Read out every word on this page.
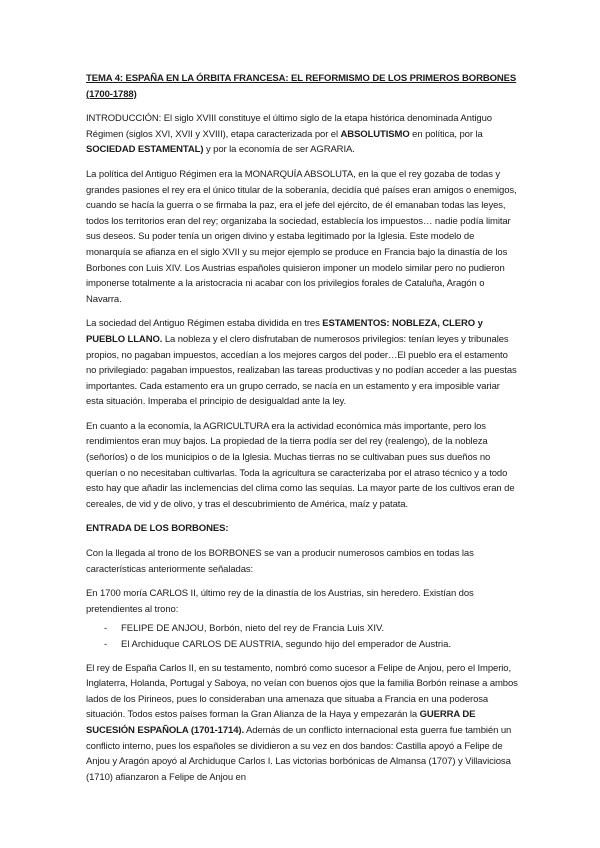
TEMA 4: ESPAÑA EN LA ÓRBITA FRANCESA: EL REFORMISMO DE LOS PRIMEROS BORBONES (1700-1788)

INTRODUCCIÓN: El siglo XVIII constituye el último siglo de la etapa histórica denominada Antiguo Régimen (siglos XVI, XVII y XVIII), etapa caracterizada por el ABSOLUTISMO en política, por la SOCIEDAD ESTAMENTAL) y por la economía de ser AGRARIA.

La política del Antiguo Régimen era la MONARQUÍA ABSOLUTA, en la que el rey gozaba de todas y grandes pasiones el rey era el único titular de la soberanía, decidía qué países eran amigos o enemigos, cuando se hacía la guerra o se firmaba la paz, era el jefe del ejército, de él emanaban todas las leyes, todos los territorios eran del rey; organizaba la sociedad, establecía los impuestos… nadie podía limitar sus deseos. Su poder tenía un origen divino y estaba legitimado por la Iglesia. Este modelo de monarquía se afianza en el siglo XVII y su mejor ejemplo se produce en Francia bajo la dinastía de los Borbones con Luis XIV. Los Austrias españoles quisieron imponer un modelo similar pero no pudieron imponerse totalmente a la aristocracia ni acabar con los privilegios forales de Cataluña, Aragón o Navarra.

La sociedad del Antiguo Régimen estaba dividida en tres ESTAMENTOS: NOBLEZA, CLERO y PUEBLO LLANO. La nobleza y el clero disfrutaban de numerosos privilegios: tenían leyes y tribunales propios, no pagaban impuestos, accedían a los mejores cargos del poder…El pueblo era el estamento no privilegiado: pagaban impuestos, realizaban las tareas productivas y no podían acceder a las puestas importantes. Cada estamento era un grupo cerrado, se nacía en un estamento y era imposible variar esta situación. Imperaba el principio de desigualdad ante la ley.

En cuanto a la economía, la AGRICULTURA era la actividad económica más importante, pero los rendimientos eran muy bajos. La propiedad de la tierra podía ser del rey (realengo), de la nobleza (señoríos) o de los municipios o de la Iglesia. Muchas tierras no se cultivaban pues sus dueños no querían o no necesitaban cultivarlas. Toda la agricultura se caracterizaba por el atraso técnico y a todo esto hay que añadir las inclemencias del clima como las sequías. La mayor parte de los cultivos eran de cereales, de vid y de olivo, y tras el descubrimiento de América, maíz y patata.

ENTRADA DE LOS BORBONES:

Con la llegada al trono de los BORBONES se van a producir numerosos cambios en todas las características anteriormente señaladas:

En 1700 moría CARLOS II, último rey de la dinastía de los Austrias, sin heredero. Existían dos pretendientes al trono:

- FELIPE DE ANJOU, Borbón, nieto del rey de Francia Luis XIV.
- El Archiduque CARLOS DE AUSTRIA, segundo hijo del emperador de Austria.

El rey de España Carlos II, en su testamento, nombró como sucesor a Felipe de Anjou, pero el Imperio, Inglaterra, Holanda, Portugal y Saboya, no veían con buenos ojos que la familia Borbón reinase a ambos lados de los Pirineos, pues lo consideraban una amenaza que situaba a Francia en una poderosa situación. Todos estos países forman la Gran Alianza de la Haya y empezarán la GUERRA DE SUCESIÓN ESPAÑOLA (1701-1714). Además de un conflicto internacional esta guerra fue también un conflicto interno, pues los españoles se dividieron a su vez en dos bandos: Castilla apoyó a Felipe de Anjou y Aragón apoyó al Archiduque Carlos I. Las victorias borbónicas de Almansa (1707) y Villaviciosa (1710) afianzaron a Felipe de Anjou en
